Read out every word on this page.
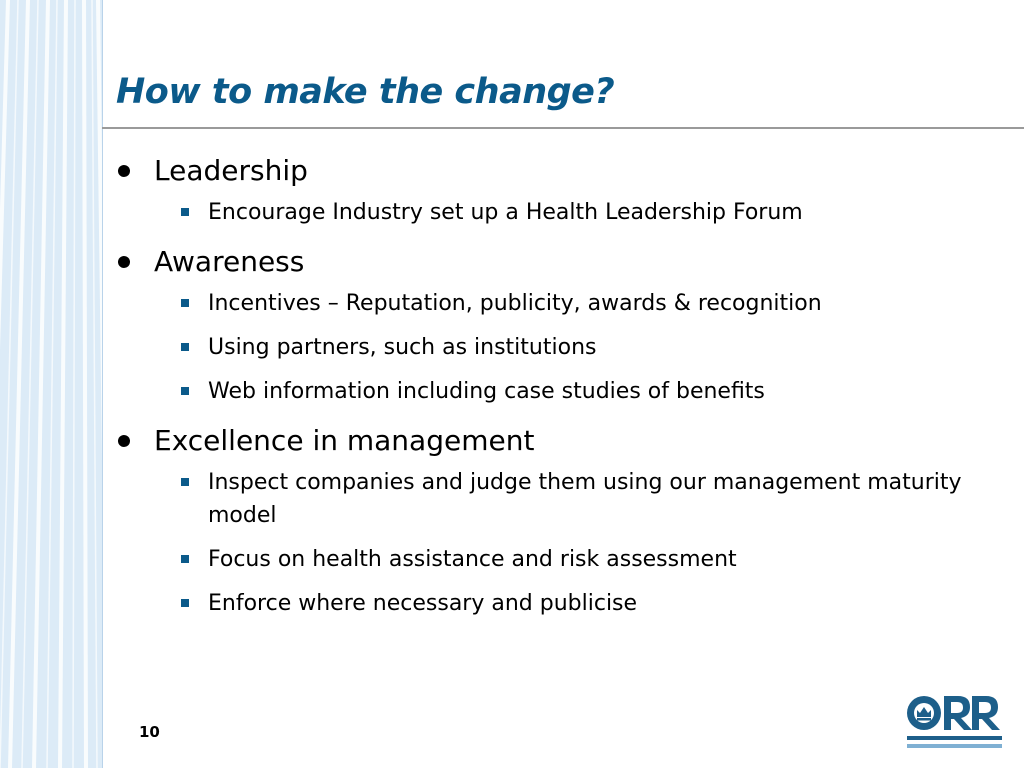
How to make the change?
Leadership
Encourage Industry set up a Health Leadership Forum
Awareness
Incentives – Reputation, publicity, awards & recognition
Using partners, such as institutions
Web information including case studies of benefits
Excellence in management
Inspect companies and judge them using our management maturity model
Focus on health assistance and risk assessment
Enforce where necessary and publicise
10
